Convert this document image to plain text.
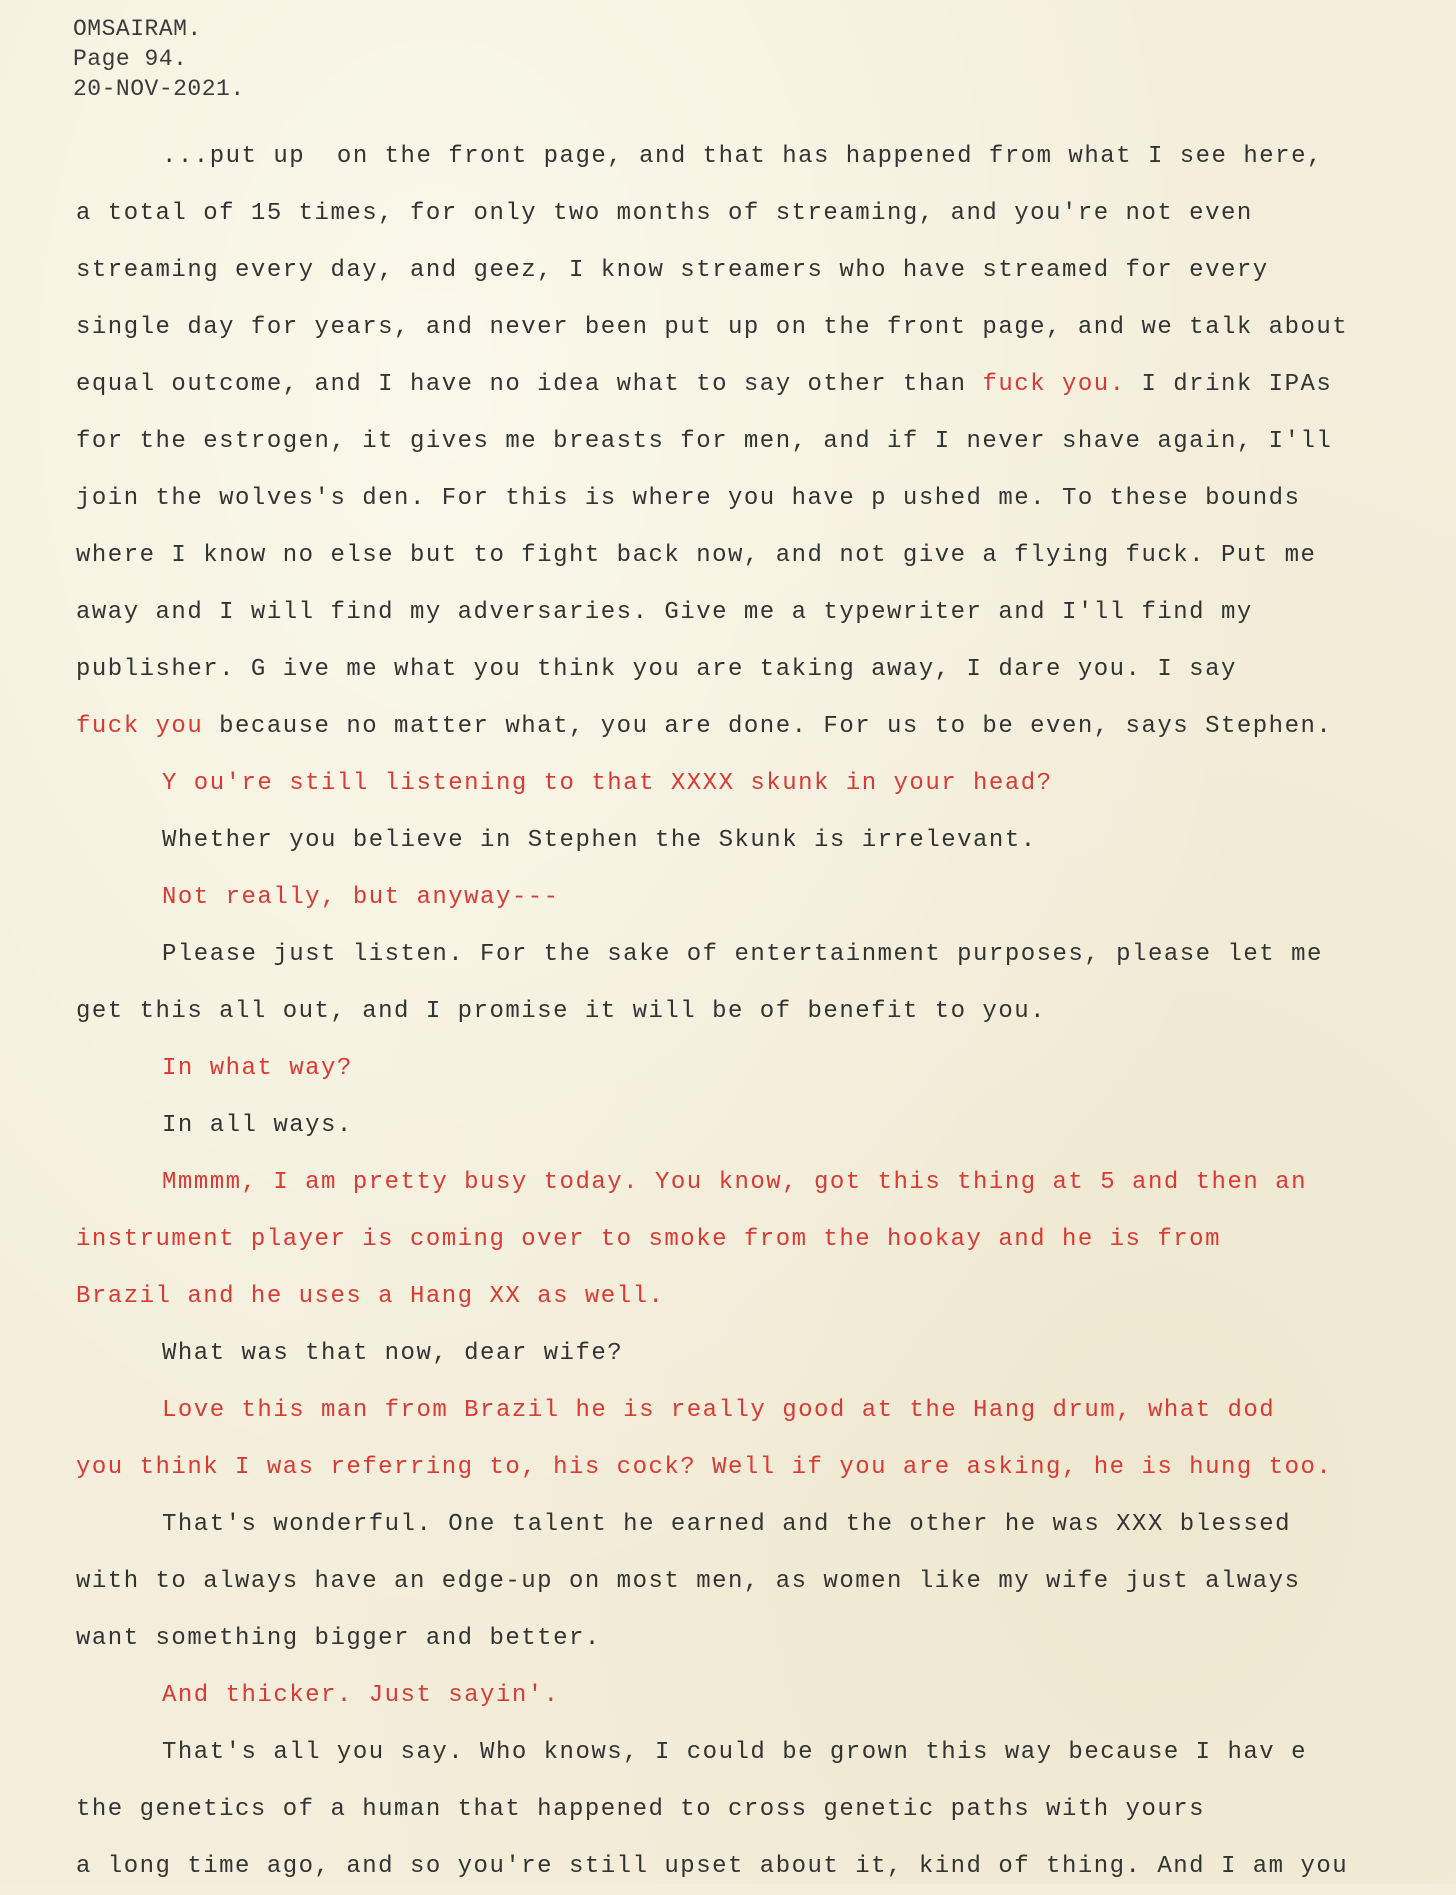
OMSAIRAM.
Page 94.
20-NOV-2021.
...put up  on the front page, and that has happened from what I see here,
a total of 15 times, for only two months of streaming, and you're not even
streaming every day, and geez, I know streamers who have streamed for every
single day for years, and never been put up on the front page, and we talk about
equal outcome, and I have no idea what to say other than fuck you. I drink IPAs
for the estrogen, it gives me breasts for men, and if I never shave again, I'll
join the wolves's den. For this is where you have p ushed me. To these bounds
where I know no else but to fight back now, and not give a flying fuck. Put me
away and I will find my adversaries. Give me a typewriter and I'll find my
publisher. G ive me what you think you are taking away, I dare you. I say
fuck you because no matter what, you are done. For us to be even, says Stephen.
Y ou're still listening to that XXXX skunk in your head?
Whether you believe in Stephen the Skunk is irrelevant.
Not really, but anyway---
Please just listen. For the sake of entertainment purposes, please let me
get this all out, and I promise it will be of benefit to you.
In what way?
In all ways.
Mmmmm, I am pretty busy today. You know, got this thing at 5 and then an
instrument player is coming over to smoke from the hookay and he is from
Brazil and he uses a Hang XX as well.
What was that now, dear wife?
Love this man from Brazil he is really good at the Hang drum, what dod
you think I was referring to, his cock? Well if you are asking, he is hung too.
That's wonderful. One talent he earned and the other he was XXX blessed
with to always have an edge-up on most men, as women like my wife just always
want something bigger and better.
And thicker. Just sayin'.
That's all you say. Who knows, I could be grown this way because I hav e
the genetics of a human that happened to cross genetic paths with yours
a long time ago, and so you're still upset about it, kind of thing. And I am you
